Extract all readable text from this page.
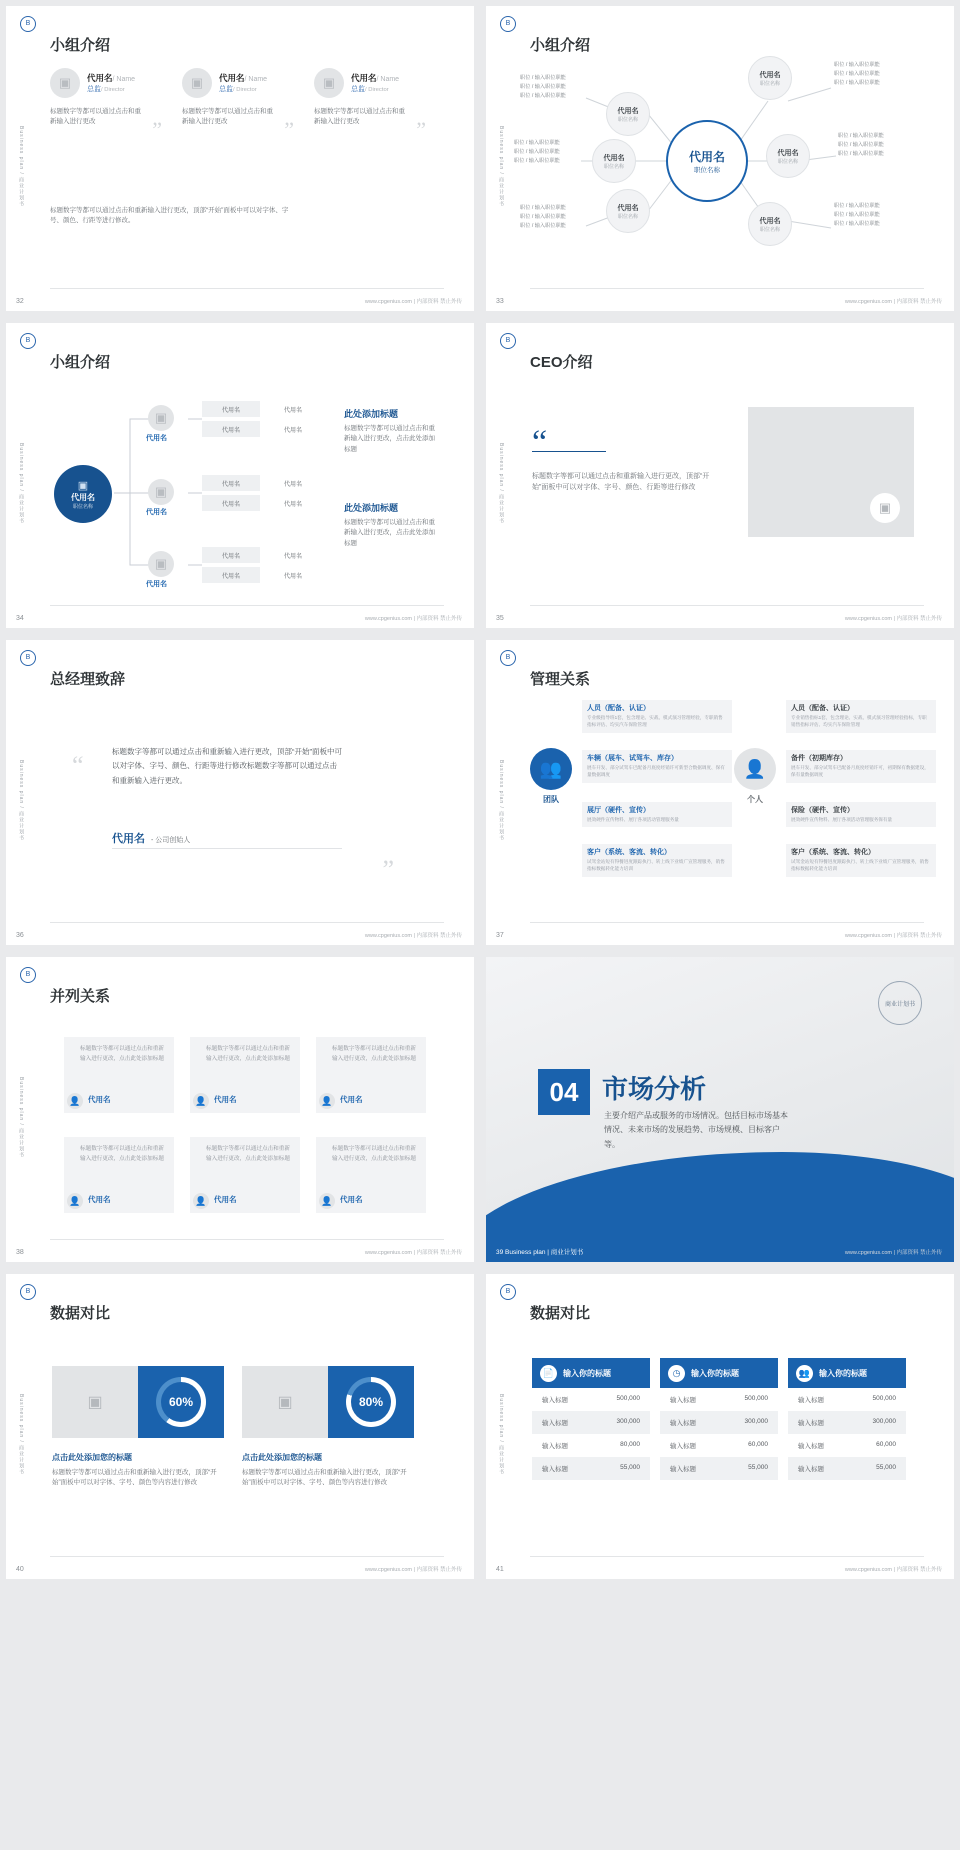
B
Business plan / 商业计划书
小组介绍
▣	代用名/ Name
总监/ Director
标题数字等都可以通过点击和重新输入进行更改	”
▣	代用名/ Name
总监/ Director
标题数字等都可以通过点击和重新输入进行更改	”
▣	代用名/ Name
总监/ Director
标题数字等都可以通过点击和重新输入进行更改	”
标题数字等都可以通过点击和重新输入进行更改，顶部“开始”面板中可以对字体、字号、颜色、行距等进行修改。
32	www.cpgenius.com | 内部资料 禁止外传
B
Business plan / 商业计划书
小组介绍
代用名
职位名称
代用名
职位名称
代用名
职位名称
代用名
职位名称
代用名
职位名称
代用名
职位名称
代用名
职位名称
职位 / 输入职位职能
职位 / 输入职位职能
职位 / 输入职位职能
职位 / 输入职位职能
职位 / 输入职位职能
职位 / 输入职位职能
职位 / 输入职位职能
职位 / 输入职位职能
职位 / 输入职位职能
职位 / 输入职位职能
职位 / 输入职位职能
职位 / 输入职位职能
职位 / 输入职位职能
职位 / 输入职位职能
职位 / 输入职位职能
职位 / 输入职位职能
职位 / 输入职位职能
职位 / 输入职位职能
33	www.cpgenius.com | 内部资料 禁止外传
B
Business plan / 商业计划书
小组介绍
▣
代用名
职位名称
▣
代用名
▣
代用名
▣
代用名
代用名	代用名
代用名	代用名
代用名	代用名
代用名	代用名
代用名	代用名
代用名	代用名
此处添加标题
标题数字等都可以通过点击和重新输入进行更改，点击此处添加标题
此处添加标题
标题数字等都可以通过点击和重新输入进行更改，点击此处添加标题
34	www.cpgenius.com | 内部资料 禁止外传
B
Business plan / 商业计划书
CEO介绍
“
标题数字等都可以通过点击和重新输入进行更改，顶部“开始”面板中可以对字体、字号、颜色、行距等进行修改
▣
35	www.cpgenius.com | 内部资料 禁止外传
B
Business plan / 商业计划书
总经理致辞
“
”
标题数字等都可以通过点击和重新输入进行更改，顶部“开始”面板中可以对字体、字号、颜色、行距等进行修改标题数字等都可以通过点击和重新输入进行更改。
代用名 - 公司创始人
36	www.cpgenius.com | 内部资料 禁止外传
B
Business plan / 商业计划书
管理关系
👥
团队
👤
个人
人员（配备、认证）
专业级指导班1套，包含理论、实战、模式演习管理经验，专职销售指标评估、均实汽车保险管理
车辆（展车、试驾车、库存）
展车开发、部分试驾车巴配备月底度经销许可新型合数据调度、保有量数据调度
展厅（硬件、宣传）
展效硬件宣传物料、展厅各项活动管理服务量
客户（系统、客流、转化）
试驾金站短有得餐进度跟踪执行、转上线下业绩广宣管理服务，销售指标数据转化能力培训
人员（配备、认证）
专业销售指标1套，包含理论、实战、模式演习管理经验指标，专职销售指标评估、均实汽车保险管理
备件（初期库存）
展车开发、部分试驾车巴配备月底度经销许可，初期保有数据建设，保有量数据调度
保险（硬件、宣传）
展效硬件宣传物料、展厅各项活动管理服务保有量
客户（系统、客流、转化）
试驾金站短有得餐进度跟踪执行、转上线下业绩广宣管理服务，销售指标数据转化能力培训
37	www.cpgenius.com | 内部资料 禁止外传
B
Business plan / 商业计划书
并列关系
标题数字等都可以通过点击和重新输入进行更改，点击此处添加标题
👤 代用名
标题数字等都可以通过点击和重新输入进行更改，点击此处添加标题
👤 代用名
标题数字等都可以通过点击和重新输入进行更改，点击此处添加标题
👤 代用名
标题数字等都可以通过点击和重新输入进行更改，点击此处添加标题
👤 代用名
标题数字等都可以通过点击和重新输入进行更改，点击此处添加标题
👤 代用名
标题数字等都可以通过点击和重新输入进行更改，点击此处添加标题
👤 代用名
38	www.cpgenius.com | 内部资料 禁止外传
商业计划书
04 市场分析
主要介绍产品或服务的市场情况。包括目标市场基本情况、未来市场的发展趋势、市场规模、目标客户等。
39 Business plan | 商业计划书	www.cpgenius.com | 内部资料 禁止外传
B
Business plan / 商业计划书
数据对比
▣	60%
点击此处添加您的标题
标题数字等都可以通过点击和重新输入进行更改，顶部“开始”面板中可以对字体、字号、颜色等内容进行修改
▣	80%
点击此处添加您的标题
标题数字等都可以通过点击和重新输入进行更改，顶部“开始”面板中可以对字体、字号、颜色等内容进行修改
40	www.cpgenius.com | 内部资料 禁止外传
B
Business plan / 商业计划书
数据对比
📄	输入你的标题
输入标题	500,000
输入标题	300,000
输入标题	80,000
输入标题	55,000
◷	输入你的标题
输入标题	500,000
输入标题	300,000
输入标题	60,000
输入标题	55,000
👥	输入你的标题
输入标题	500,000
输入标题	300,000
输入标题	60,000
输入标题	55,000
41	www.cpgenius.com | 内部资料 禁止外传
